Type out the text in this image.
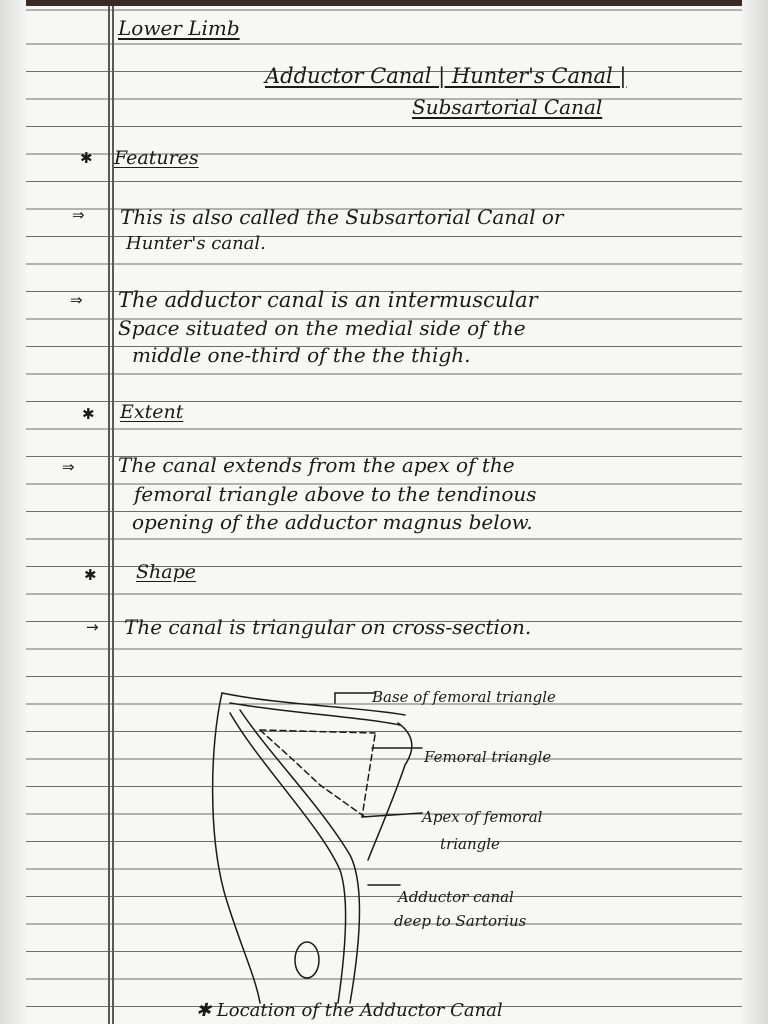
Lower Limb
Adductor Canal | Hunter's Canal |
Subsartorial Canal
✱ Features
⇒ This is also called the Subsartorial Canal or
Hunter's canal.
⇒ The adductor canal is an intermuscular
Space situated on the medial side of the
middle one-third of the the thigh.
✱ Extent
⇒ The canal extends from the apex of the
femoral triangle above to the tendinous
opening of the adductor magnus below.
✱ Shape
→ The canal is triangular on cross-section.
Base of femoral triangle
Femoral triangle
Apex of femoral
triangle
Adductor canal
deep to Sartorius
✱ Location of the Adductor Canal
